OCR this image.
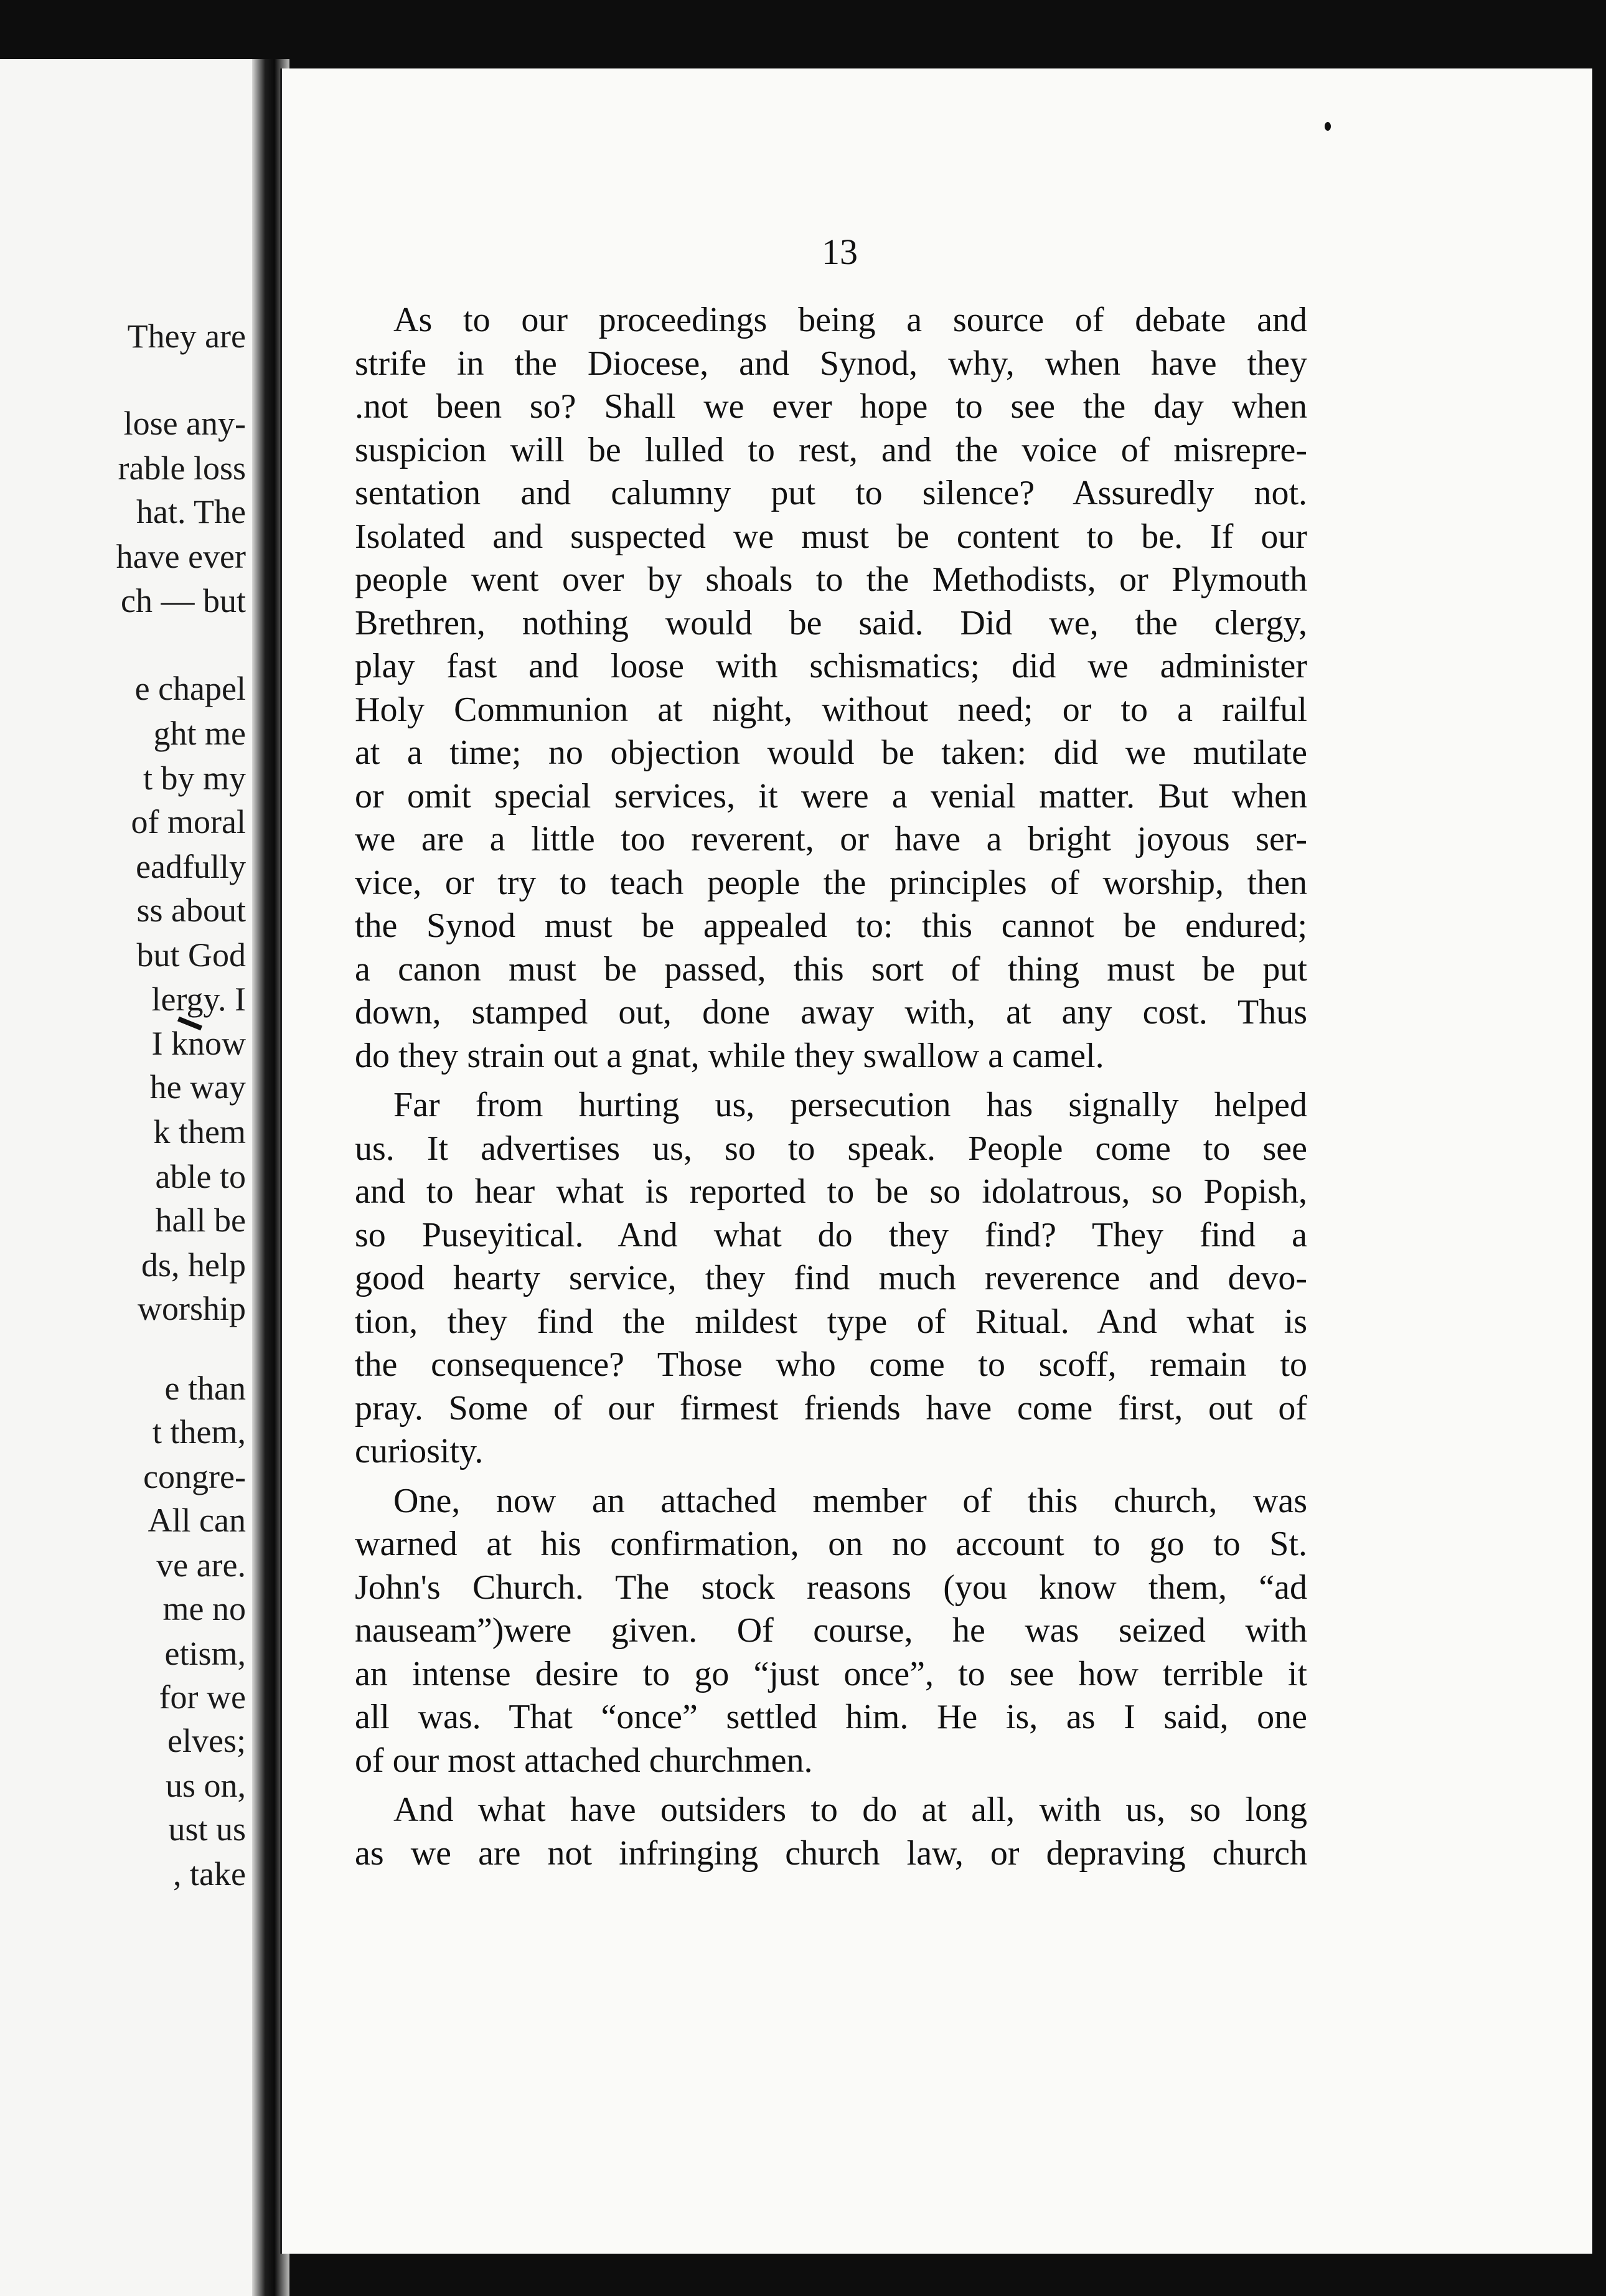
They are
lose any-
rable loss
hat. The
have ever
ch — but
e chapel
ght me
t by my
of moral
eadfully
ss about
but God
lergy. I
I know
he way
k them
able to
hall be
ds, help
worship
e than
t them,
congre-
All can
ve are.
me no
etism,
for we
elves;
us on,
ust us
, take
13
As to our proceedings being a source of debate and
strife in the Diocese, and Synod, why, when have they
.not been so? Shall we ever hope to see the day when
suspicion will be lulled to rest, and the voice of misrepre-
sentation and calumny put to silence? Assuredly not.
Isolated and suspected we must be content to be. If our
people went over by shoals to the Methodists, or Plymouth
Brethren, nothing would be said. Did we, the clergy,
play fast and loose with schismatics; did we administer
Holy Communion at night, without need; or to a railful
at a time; no objection would be taken: did we mutilate
or omit special services, it were a venial matter. But when
we are a little too reverent, or have a bright joyous ser-
vice, or try to teach people the principles of worship, then
the Synod must be appealed to: this cannot be endured;
a canon must be passed, this sort of thing must be put
down, stamped out, done away with, at any cost. Thus
do they strain out a gnat, while they swallow a camel.
Far from hurting us, persecution has signally helped
us. It advertises us, so to speak. People come to see
and to hear what is reported to be so idolatrous, so Popish,
so Puseyitical. And what do they find? They find a
good hearty service, they find much reverence and devo-
tion, they find the mildest type of Ritual. And what is
the consequence? Those who come to scoff, remain to
pray. Some of our firmest friends have come first, out of
curiosity.
One, now an attached member of this church, was
warned at his confirmation, on no account to go to St.
John's Church. The stock reasons (you know them, “ad
nauseam”)were given. Of course, he was seized with
an intense desire to go “just once”, to see how terrible it
all was. That “once” settled him. He is, as I said, one
of our most attached churchmen.
And what have outsiders to do at all, with us, so long
as we are not infringing church law, or depraving church
